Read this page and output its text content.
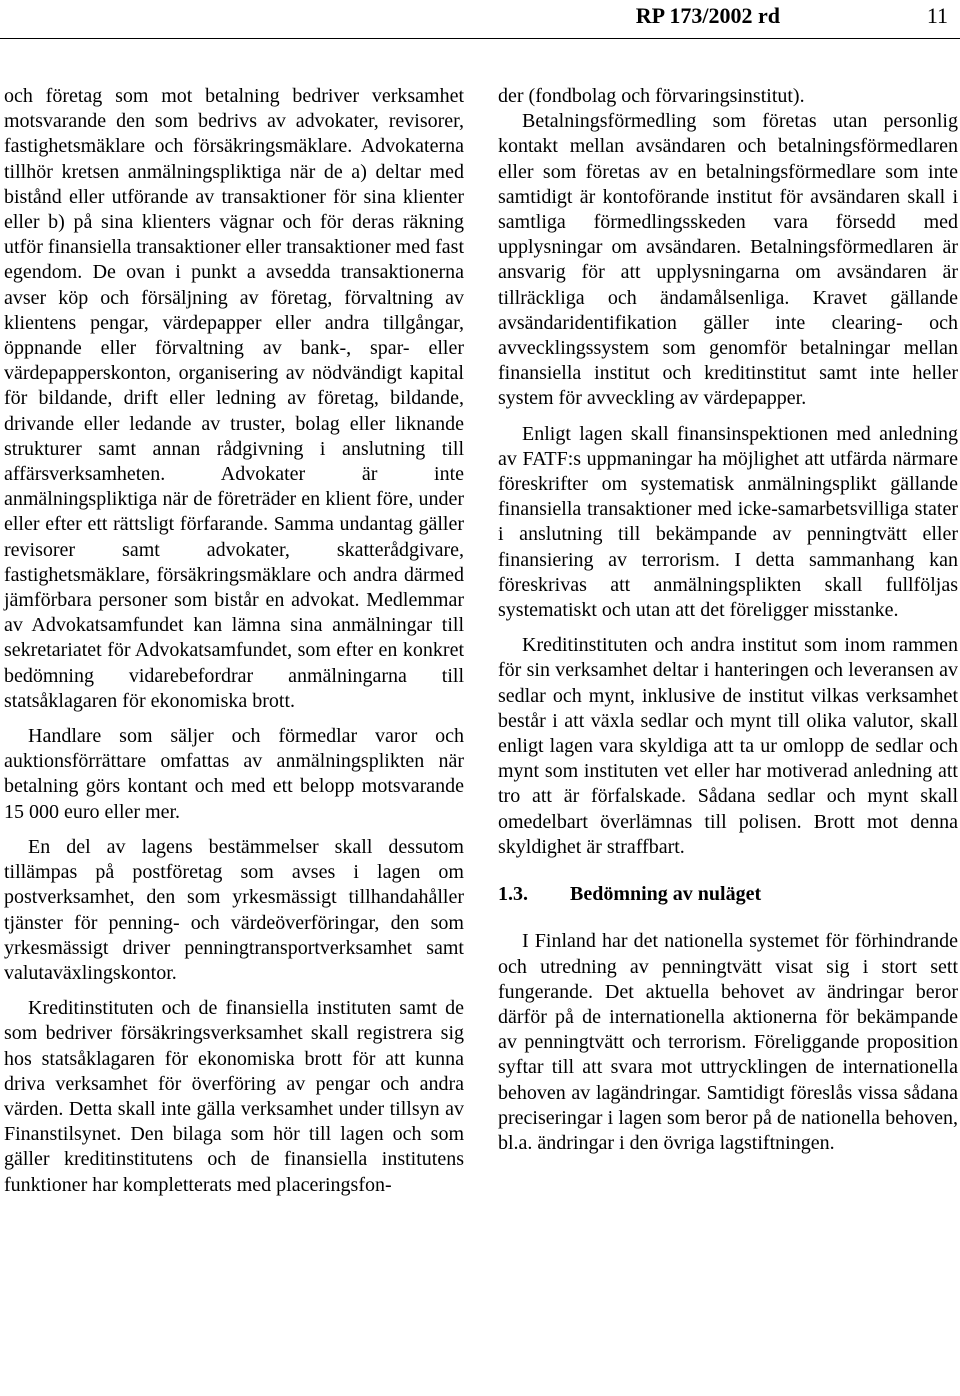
RP 173/2002 rd	11

och företag som mot betalning bedriver verksamhet motsvarande den som bedrivs av advokater, revisorer, fastighetsmäklare och försäkringsmäklare. Advokaterna tillhör kretsen anmälningspliktiga när de a) deltar med bistånd eller utförande av transaktioner för sina klienter eller b) på sina klienters vägnar och för deras räkning utför finansiella transaktioner eller transaktioner med fast egendom. De ovan i punkt a avsedda transaktionerna avser köp och försäljning av företag, förvaltning av klientens pengar, värdepapper eller andra tillgångar, öppnande eller förvaltning av bank-, spar- eller värdepapperskonton, organisering av nödvändigt kapital för bildande, drift eller ledning av företag, bildande, drivande eller ledande av truster, bolag eller liknande strukturer samt annan rådgivning i anslutning till affärsverksamheten. Advokater är inte anmälningspliktiga när de företräder en klient före, under eller efter ett rättsligt förfarande. Samma undantag gäller revisorer samt advokater, skatterådgivare, fastighetsmäklare, försäkringsmäklare och andra därmed jämförbara personer som bistår en advokat. Medlemmar av Advokatsamfundet kan lämna sina anmälningar till sekretariatet för Advokatsamfundet, som efter en konkret bedömning vidarebefordrar anmälningarna till statsåklagaren för ekonomiska brott.

Handlare som säljer och förmedlar varor och auktionsförrättare omfattas av anmälningsplikten när betalning görs kontant och med ett belopp motsvarande 15 000 euro eller mer.

En del av lagens bestämmelser skall dessutom tillämpas på postföretag som avses i lagen om postverksamhet, den som yrkesmässigt tillhandahåller tjänster för penning- och värdeöverföringar, den som yrkesmässigt driver penningtransportverksamhet samt valutaväxlingskontor.

Kreditinstituten och de finansiella instituten samt de som bedriver försäkringsverksamhet skall registrera sig hos statsåklagaren för ekonomiska brott för att kunna driva verksamhet för överföring av pengar och andra värden. Detta skall inte gälla verksamhet under tillsyn av Finanstilsynet. Den bilaga som hör till lagen och som gäller kreditinstitutens och de finansiella institutens funktioner har kompletterats med placeringsfon-

der (fondbolag och förvaringsinstitut).

Betalningsförmedling som företas utan personlig kontakt mellan avsändaren och betalningsförmedlaren eller som företas av en betalningsförmedlare som inte samtidigt är kontoförande institut för avsändaren skall i samtliga förmedlingsskeden vara försedd med upplysningar om avsändaren. Betalningsförmedlaren är ansvarig för att upplysningarna om avsändaren är tillräckliga och ändamålsenliga. Kravet gällande avsändaridentifikation gäller inte clearing- och avvecklingssystem som genomför betalningar mellan finansiella institut och kreditinstitut samt inte heller system för avveckling av värdepapper.

Enligt lagen skall finansinspektionen med anledning av FATF:s uppmaningar ha möjlighet att utfärda närmare föreskrifter om systematisk anmälningsplikt gällande finansiella transaktioner med icke-samarbetsvilliga stater i anslutning till bekämpande av penningtvätt eller finansiering av terrorism. I detta sammanhang kan föreskrivas att anmälningsplikten skall fullföljas systematiskt och utan att det föreligger misstanke.

Kreditinstituten och andra institut som inom rammen för sin verksamhet deltar i hanteringen och leveransen av sedlar och mynt, inklusive de institut vilkas verksamhet består i att växla sedlar och mynt till olika valutor, skall enligt lagen vara skyldiga att ta ur omlopp de sedlar och mynt som instituten vet eller har motiverad anledning att tro att är förfalskade. Sådana sedlar och mynt skall omedelbart överlämnas till polisen. Brott mot denna skyldighet är straffbart.

1.3. Bedömning av nuläget

I Finland har det nationella systemet för förhindrande och utredning av penningtvätt visat sig i stort sett fungerande. Det aktuella behovet av ändringar beror därför på de internationella aktionerna för bekämpande av penningtvätt och terrorism. Föreliggande proposition syftar till att svara mot uttrycklingen de internationella behoven av lagändringar. Samtidigt föreslås vissa sådana preciseringar i lagen som beror på de nationella behoven, bl.a. ändringar i den övriga lagstiftningen.
